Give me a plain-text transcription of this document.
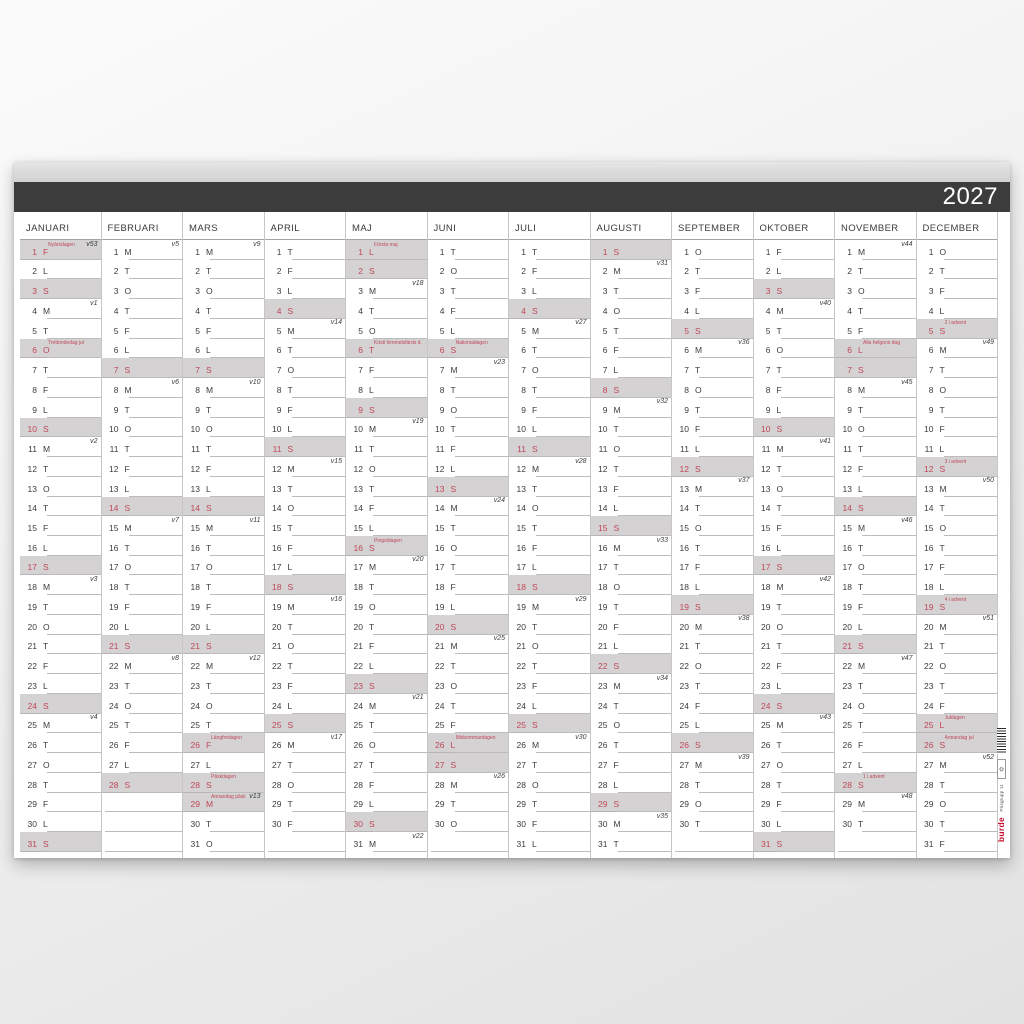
2027
JANUARI
1 F
Nyårsdagen v53
2 L
3 S
4 M
v1
5 T
6 O
Trettondedag jul
7 T
8 F
9 L
10 S
11 M
v2
12 T
13 O
14 T
15 F
16 L
17 S
18 M
v3
19 T
20 O
21 T
22 F
23 L
24 S
25 M
v4
26 T
27 O
28 T
29 F
30 L
31 S
FEBRUARI
1 M
v5
2 T
3 O
4 T
5 F
6 L
7 S
8 M
v6
9 T
10 O
11 T
12 F
13 L
14 S
15 M
v7
16 T
17 O
18 T
19 F
20 L
21 S
22 M
v8
23 T
24 O
25 T
26 F
27 L
28 S
MARS
1 M
v9
2 T
3 O
4 T
5 F
6 L
7 S
8 M
v10
9 T
10 O
11 T
12 F
13 L
14 S
15 M
v11
16 T
17 O
18 T
19 F
20 L
21 S
22 M
v12
23 T
24 O
25 T
26 F
Långfredagen
27 L
28 S
Påskdagen
29 M
Annandag påsk v13
30 T
31 O
APRIL
1 T
2 F
3 L
4 S
5 M
v14
6 T
7 O
8 T
9 F
10 L
11 S
12 M
v15
13 T
14 O
15 T
16 F
17 L
18 S
19 M
v16
20 T
21 O
22 T
23 F
24 L
25 S
26 M
v17
27 T
28 O
29 T
30 F
MAJ
1 L
Första maj
2 S
3 M
v18
4 T
5 O
6 T
Kristi himmelsfärds d.
7 F
8 L
9 S
10 M
v19
11 T
12 O
13 T
14 F
15 L
16 S
Pingstdagen
17 M
v20
18 T
19 O
20 T
21 F
22 L
23 S
24 M
v21
25 T
26 O
27 T
28 F
29 L
30 S
31 M
v22
JUNI
1 T
2 O
3 T
4 F
5 L
6 S
Nationaldagen
7 M
v23
8 T
9 O
10 T
11 F
12 L
13 S
14 M
v24
15 T
16 O
17 T
18 F
19 L
20 S
21 M
v25
22 T
23 O
24 T
25 F
26 L
Midsommardagen
27 S
28 M
v26
29 T
30 O
JULI
1 T
2 F
3 L
4 S
5 M
v27
6 T
7 O
8 T
9 F
10 L
11 S
12 M
v28
13 T
14 O
15 T
16 F
17 L
18 S
19 M
v29
20 T
21 O
22 T
23 F
24 L
25 S
26 M
v30
27 T
28 O
29 T
30 F
31 L
AUGUSTI
1 S
2 M
v31
3 T
4 O
5 T
6 F
7 L
8 S
9 M
v32
10 T
11 O
12 T
13 F
14 L
15 S
16 M
v33
17 T
18 O
19 T
20 F
21 L
22 S
23 M
v34
24 T
25 O
26 T
27 F
28 L
29 S
30 M
v35
31 T
SEPTEMBER
1 O
2 T
3 F
4 L
5 S
6 M
v36
7 T
8 O
9 T
10 F
11 L
12 S
13 M
v37
14 T
15 O
16 T
17 F
18 L
19 S
20 M
v38
21 T
22 O
23 T
24 F
25 L
26 S
27 M
v39
28 T
29 O
30 T
OKTOBER
1 F
2 L
3 S
4 M
v40
5 T
6 O
7 T
8 F
9 L
10 S
11 M
v41
12 T
13 O
14 T
15 F
16 L
17 S
18 M
v42
19 T
20 O
21 T
22 F
23 L
24 S
25 M
v43
26 T
27 O
28 T
29 F
30 L
31 S
NOVEMBER
1 M
v44
2 T
3 O
4 T
5 F
6 L
Alla helgons dag
7 S
8 M
v45
9 T
10 O
11 T
12 F
13 L
14 S
15 M
v46
16 T
17 O
18 T
19 F
20 L
21 S
22 M
v47
23 T
24 O
25 T
26 F
27 L
28 S
1 i advent
29 M
v48
30 T
DECEMBER
1 O
2 T
3 F
4 L
5 S
2 i advent
6 M
v49
7 T
8 O
9 T
10 F
11 L
12 S
3 i advent
13 M
v50
14 T
15 O
16 T
17 F
18 L
19 S
4 i advent
20 M
v51
21 T
22 O
23 T
24 F
25 L
Juldagen
26 S
Annandag jul
27 M
v52
28 T
29 O
30 T
31 F
♻
Prisgrupp 11
burde
